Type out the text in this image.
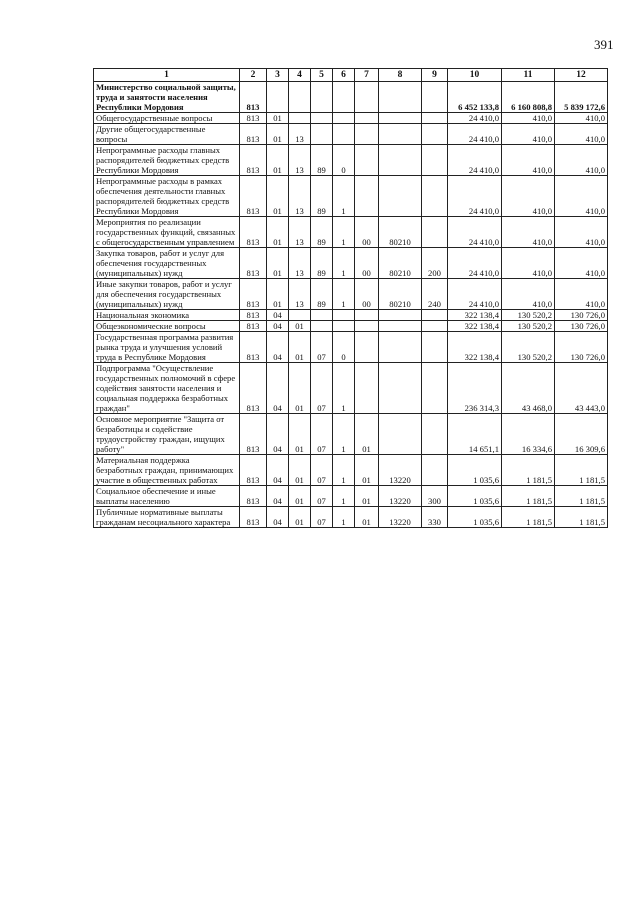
391
1	2	3	4	5	6	7	8	9	10	11	12
Министерство социальной защиты, труда и занятости населения Республики Мордовия	813								6 452 133,8	6 160 808,8	5 839 172,6
Общегосударственные вопросы	813	01							24 410,0	410,0	410,0
Другие общегосударственные вопросы	813	01	13						24 410,0	410,0	410,0
Непрограммные расходы главных распорядителей бюджетных средств Республики Мордовия	813	01	13	89	0				24 410,0	410,0	410,0
Непрограммные расходы в рамках обеспечения деятельности главных распорядителей бюджетных средств Республики Мордовия	813	01	13	89	1				24 410,0	410,0	410,0
Мероприятия по реализации государственных функций, связанных с общегосударственным управлением	813	01	13	89	1	00	80210		24 410,0	410,0	410,0
Закупка товаров, работ и услуг для обеспечения государственных (муниципальных) нужд	813	01	13	89	1	00	80210	200	24 410,0	410,0	410,0
Иные закупки товаров, работ и услуг для обеспечения государственных (муниципальных) нужд	813	01	13	89	1	00	80210	240	24 410,0	410,0	410,0
Национальная экономика	813	04							322 138,4	130 520,2	130 726,0
Общеэкономические вопросы	813	04	01						322 138,4	130 520,2	130 726,0
Государственная программа развития рынка труда и улучшения условий труда в Республике Мордовия	813	04	01	07	0				322 138,4	130 520,2	130 726,0
Подпрограмма "Осуществление государственных полномочий в сфере содействия занятости населения и социальная поддержка безработных граждан"	813	04	01	07	1				236 314,3	43 468,0	43 443,0
Основное мероприятие "Защита от безработицы и содействие трудоустройству граждан, ищущих работу"	813	04	01	07	1	01			14 651,1	16 334,6	16 309,6
Материальная поддержка безработных граждан, принимающих участие в общественных работах	813	04	01	07	1	01	13220		1 035,6	1 181,5	1 181,5
Социальное обеспечение и иные выплаты населению	813	04	01	07	1	01	13220	300	1 035,6	1 181,5	1 181,5
Публичные нормативные выплаты гражданам несоциального характера	813	04	01	07	1	01	13220	330	1 035,6	1 181,5	1 181,5
